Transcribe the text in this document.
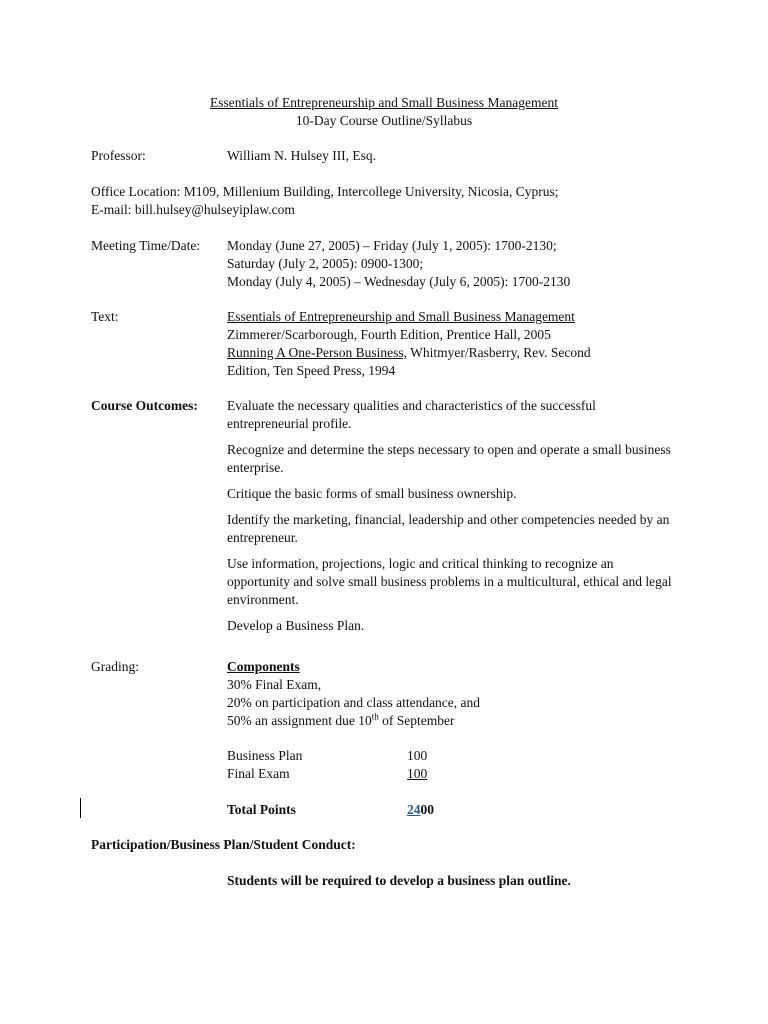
Essentials of Entrepreneurship and Small Business Management
10-Day Course Outline/Syllabus
Professor:	William N. Hulsey III, Esq.
Office Location: M109, Millenium Building, Intercollege University, Nicosia, Cyprus;
E-mail: bill.hulsey@hulseyiplaw.com
Meeting Time/Date:	Monday (June 27, 2005) – Friday (July 1, 2005): 1700-2130;
Saturday (July 2, 2005): 0900-1300;
Monday (July 4, 2005) – Wednesday (July 6, 2005): 1700-2130
Text:	Essentials of Entrepreneurship and Small Business Management
Zimmerer/Scarborough, Fourth Edition, Prentice Hall, 2005
Running A One-Person Business, Whitmyer/Rasberry, Rev. Second
Edition, Ten Speed Press, 1994
Course Outcomes:	Evaluate the necessary qualities and characteristics of the successful entrepreneurial profile.
Recognize and determine the steps necessary to open and operate a small business enterprise.
Critique the basic forms of small business ownership.
Identify the marketing, financial, leadership and other competencies needed by an entrepreneur.
Use information, projections, logic and critical thinking to recognize an opportunity and solve small business problems in a multicultural, ethical and legal environment.
Develop a Business Plan.
Grading:	Components
30% Final Exam,
20% on participation and class attendance, and
50% an assignment due 10th of September
Business Plan	100
Final Exam	100
Total Points	2400
Participation/Business Plan/Student Conduct:
Students will be required to develop a business plan outline.
